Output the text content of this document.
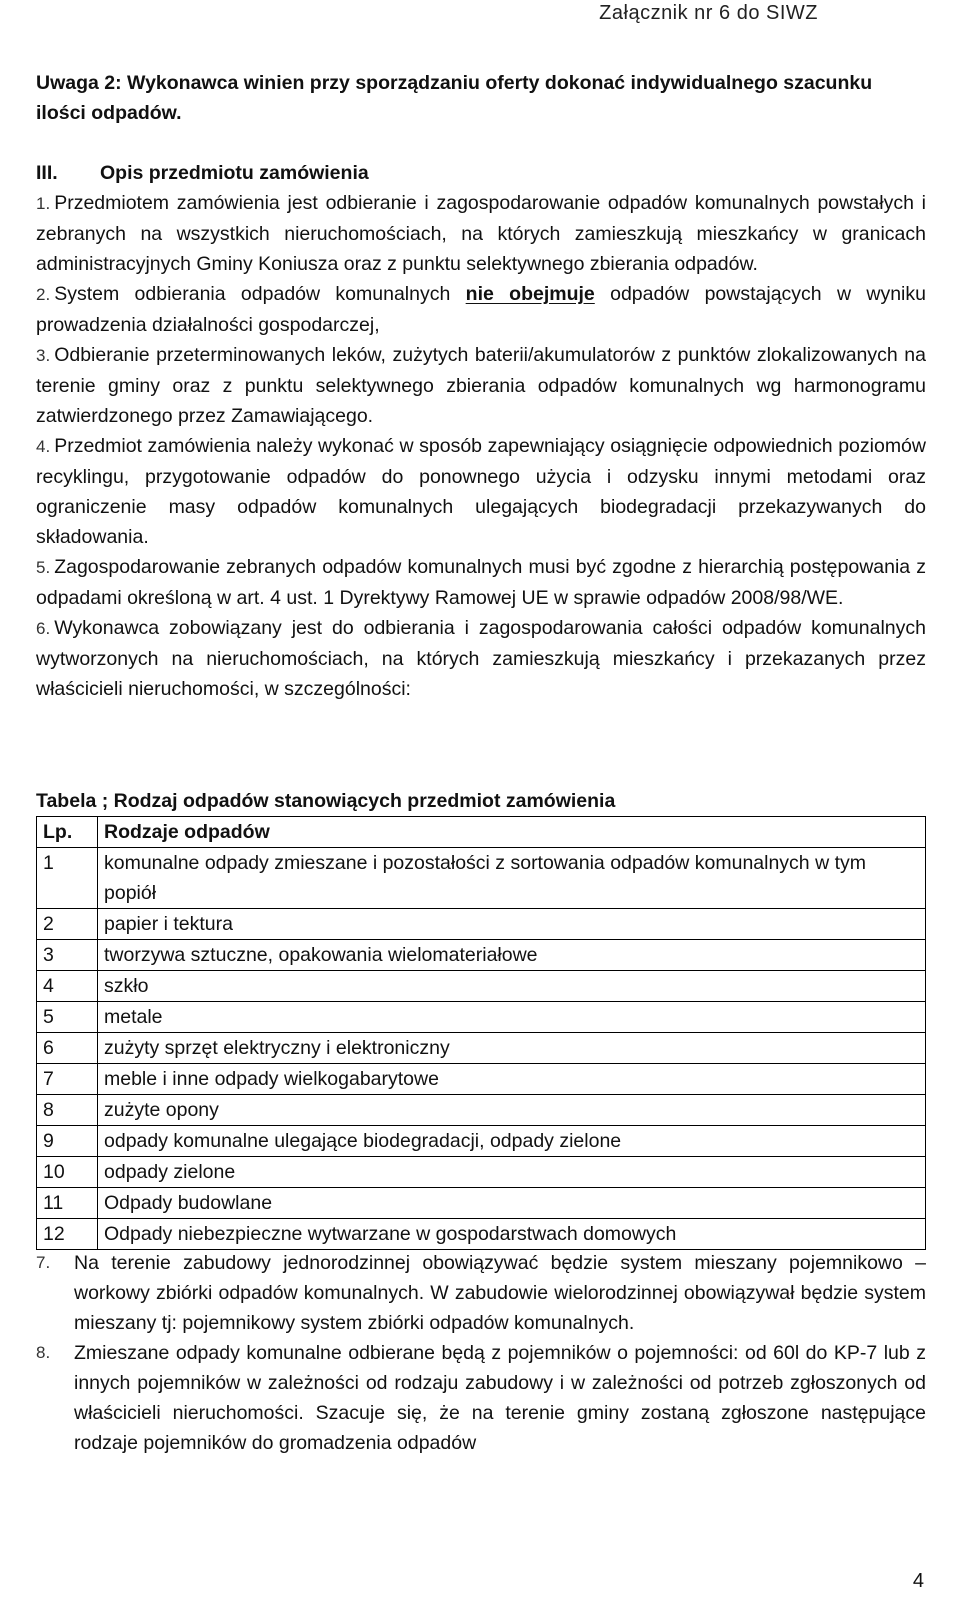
Załącznik nr 6 do SIWZ
Uwaga 2: Wykonawca winien przy sporządzaniu oferty dokonać indywidualnego szacunku ilości odpadów.
III. Opis przedmiotu zamówienia
1. Przedmiotem zamówienia jest odbieranie i zagospodarowanie odpadów komunalnych powstałych i zebranych na wszystkich nieruchomościach, na których zamieszkują mieszkańcy w granicach administracyjnych Gminy Koniusza oraz z punktu selektywnego zbierania odpadów.
2. System odbierania odpadów komunalnych nie obejmuje odpadów powstających w wyniku prowadzenia działalności gospodarczej,
3. Odbieranie przeterminowanych leków, zużytych baterii/akumulatorów z punktów zlokalizowanych na terenie gminy oraz z punktu selektywnego zbierania odpadów komunalnych wg harmonogramu zatwierdzonego przez Zamawiającego.
4. Przedmiot zamówienia należy wykonać w sposób zapewniający osiągnięcie odpowiednich poziomów recyklingu, przygotowanie odpadów do ponownego użycia i odzysku innymi metodami oraz ograniczenie masy odpadów komunalnych ulegających biodegradacji przekazywanych do składowania.
5. Zagospodarowanie zebranych odpadów komunalnych musi być zgodne z hierarchią postępowania z odpadami określoną w art. 4 ust. 1 Dyrektywy Ramowej UE w sprawie odpadów 2008/98/WE.
6. Wykonawca zobowiązany jest do odbierania i zagospodarowania całości odpadów komunalnych wytworzonych na nieruchomościach, na których zamieszkują mieszkańcy i przekazanych przez właścicieli nieruchomości, w szczególności:
Tabela ; Rodzaj odpadów stanowiących przedmiot zamówienia
Lp.	Rodzaje odpadów
1	komunalne odpady zmieszane i pozostałości z sortowania odpadów komunalnych w tym popiół
2	papier i tektura
3	tworzywa sztuczne, opakowania wielomateriałowe
4	szkło
5	metale
6	zużyty sprzęt elektryczny i elektroniczny
7	meble i inne odpady wielkogabarytowe
8	zużyte opony
9	odpady komunalne ulegające biodegradacji, odpady zielone
10	odpady zielone
11	Odpady budowlane
12	Odpady niebezpieczne wytwarzane w gospodarstwach domowych
7. Na terenie zabudowy jednorodzinnej obowiązywać będzie system mieszany pojemnikowo – workowy zbiórki odpadów komunalnych. W zabudowie wielorodzinnej obowiązywał będzie system mieszany tj: pojemnikowy system zbiórki odpadów komunalnych.
8. Zmieszane odpady komunalne odbierane będą z pojemników o pojemności: od 60l do KP-7 lub z innych pojemników w zależności od rodzaju zabudowy i w zależności od potrzeb zgłoszonych od właścicieli nieruchomości. Szacuje się, że na terenie gminy zostaną zgłoszone następujące rodzaje pojemników do gromadzenia odpadów
4
